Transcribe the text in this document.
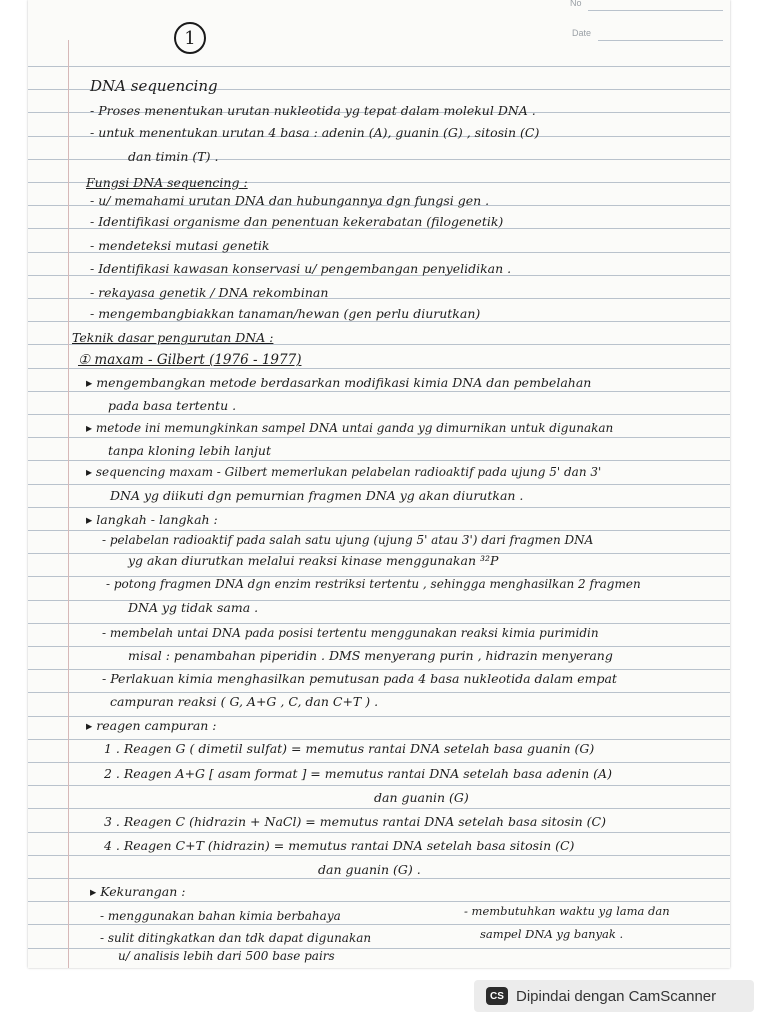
No
Date
1
DNA sequencing
- Proses menentukan urutan nukleotida yg tepat dalam molekul DNA .
- untuk menentukan urutan 4 basa : adenin (A), guanin (G) , sitosin (C)
dan timin (T) .
Fungsi DNA sequencing :
- u/ memahami urutan DNA dan hubungannya dgn fungsi gen .
- Identifikasi organisme dan penentuan kekerabatan (filogenetik)
- mendeteksi mutasi genetik
- Identifikasi kawasan konservasi u/ pengembangan penyelidikan .
- rekayasa genetik / DNA rekombinan
- mengembangbiakkan tanaman/hewan (gen perlu diurutkan)
Teknik dasar pengurutan DNA :
① maxam - Gilbert (1976 - 1977)
▸ mengembangkan metode berdasarkan modifikasi kimia DNA dan pembelahan
pada basa tertentu .
▸ metode ini memungkinkan sampel DNA untai ganda yg dimurnikan untuk digunakan
tanpa kloning lebih lanjut
▸ sequencing maxam - Gilbert memerlukan pelabelan radioaktif pada ujung 5' dan 3'
DNA yg diikuti dgn pemurnian fragmen DNA yg akan diurutkan .
▸ langkah - langkah :
- pelabelan radioaktif pada salah satu ujung (ujung 5' atau 3') dari fragmen DNA
yg akan diurutkan melalui reaksi kinase menggunakan ³²P
- potong fragmen DNA dgn enzim restriksi tertentu , sehingga menghasilkan 2 fragmen
DNA yg tidak sama .
- membelah untai DNA pada posisi tertentu menggunakan reaksi kimia purimidin
misal : penambahan piperidin . DMS menyerang purin , hidrazin menyerang
- Perlakuan kimia menghasilkan pemutusan pada 4 basa nukleotida dalam empat
campuran reaksi ( G, A+G , C, dan C+T ) .
▸ reagen campuran :
1 . Reagen G ( dimetil sulfat) = memutus rantai DNA setelah basa guanin (G)
2 . Reagen A+G [ asam format ] = memutus rantai DNA setelah basa adenin (A)
dan guanin (G)
3 . Reagen C (hidrazin + NaCl) = memutus rantai DNA setelah basa sitosin (C)
4 . Reagen C+T (hidrazin) = memutus rantai DNA setelah basa sitosin (C)
dan guanin (G) .
▸ Kekurangan :
- menggunakan bahan kimia berbahaya	- membutuhkan waktu yg lama dan
- sulit ditingkatkan dan tdk dapat digunakan	sampel DNA yg banyak .
u/ analisis lebih dari 500 base pairs
CS Dipindai dengan CamScanner
